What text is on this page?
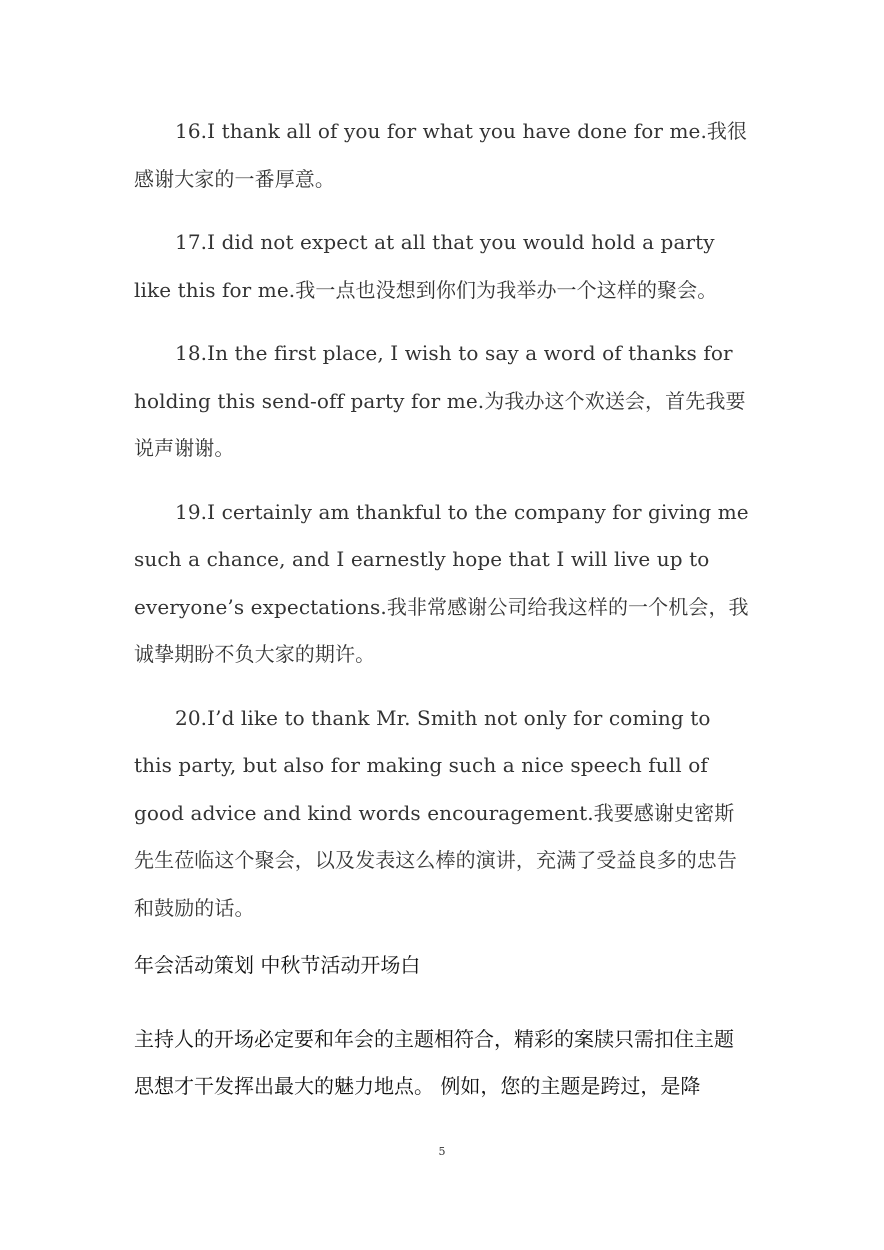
16.I thank all of you for what you have done for me.我很感谢大家的一番厚意。

17.I did not expect at all that you would hold a party like this for me.我一点也没想到你们为我举办一个这样的聚会。

18.In the first place, I wish to say a word of thanks for holding this send-off party for me.为我办这个欢送会，首先我要说声谢谢。

19.I certainly am thankful to the company for giving me such a chance, and I earnestly hope that I will live up to everyone’s expectations.我非常感谢公司给我这样的一个机会，我诚挚期盼不负大家的期许。

20.I’d like to thank Mr. Smith not only for coming to this party, but also for making such a nice speech full of good advice and kind words encouragement.我要感谢史密斯先生莅临这个聚会，以及发表这么棒的演讲，充满了受益良多的忠告和鼓励的话。

年会活动策划 中秋节活动开场白

主持人的开场必定要和年会的主题相符合，精彩的案牍只需扣住主题思想才干发挥出最大的魅力地点。 例如，您的主题是跨过，是降

5
